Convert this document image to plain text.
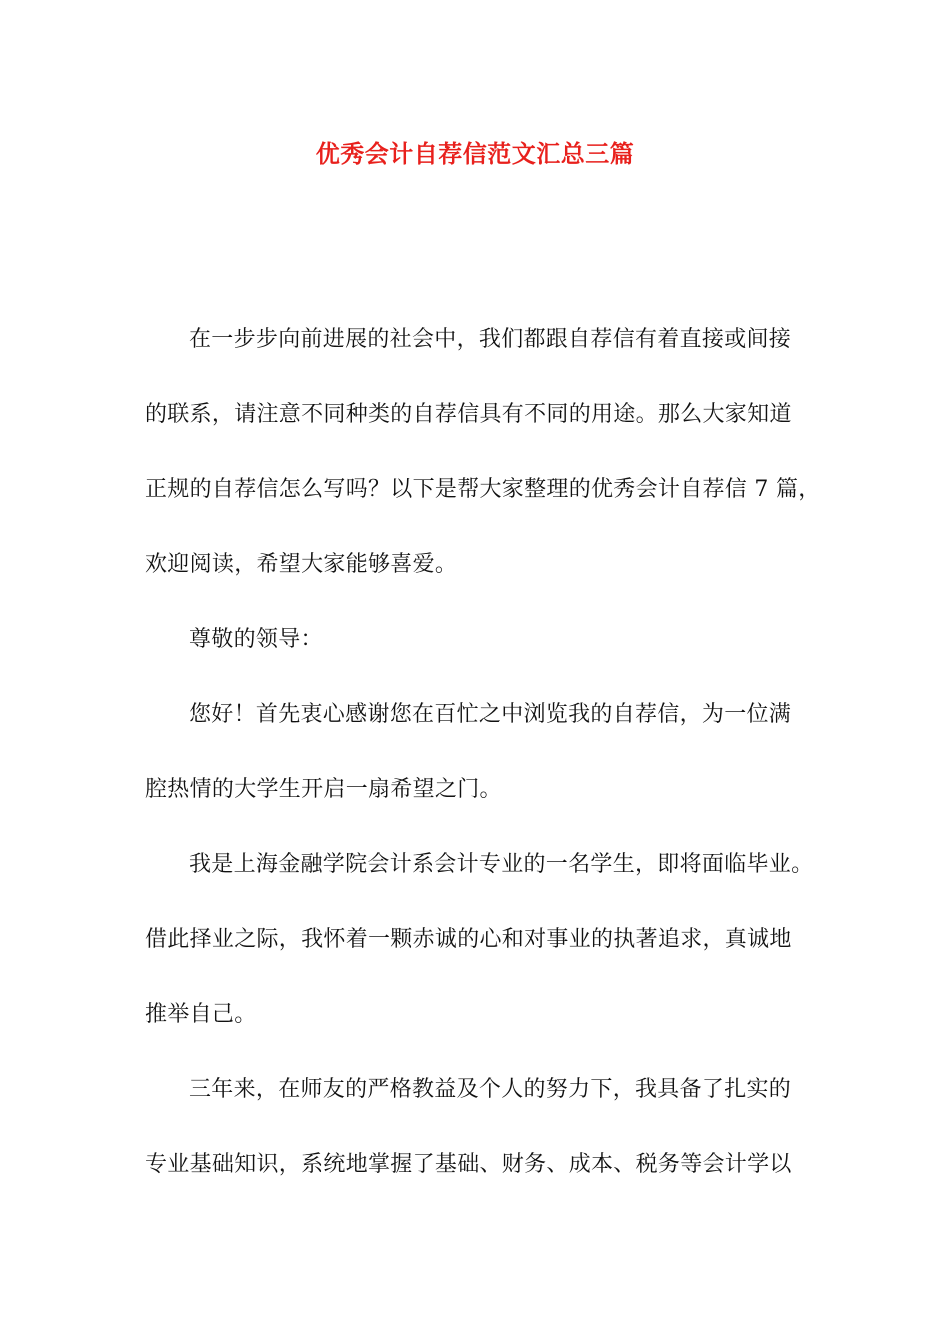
优秀会计自荐信范文汇总三篇
在一步步向前进展的社会中，我们都跟自荐信有着直接或间接
的联系，请注意不同种类的自荐信具有不同的用途。那么大家知道
正规的自荐信怎么写吗？以下是帮大家整理的优秀会计自荐信 7 篇，
欢迎阅读，希望大家能够喜爱。
尊敬的领导：
您好！首先衷心感谢您在百忙之中浏览我的自荐信，为一位满
腔热情的大学生开启一扇希望之门。
我是上海金融学院会计系会计专业的一名学生，即将面临毕业。
借此择业之际，我怀着一颗赤诚的心和对事业的执著追求，真诚地
推举自己。
三年来，在师友的严格教益及个人的努力下，我具备了扎实的
专业基础知识，系统地掌握了基础、财务、成本、税务等会计学以
